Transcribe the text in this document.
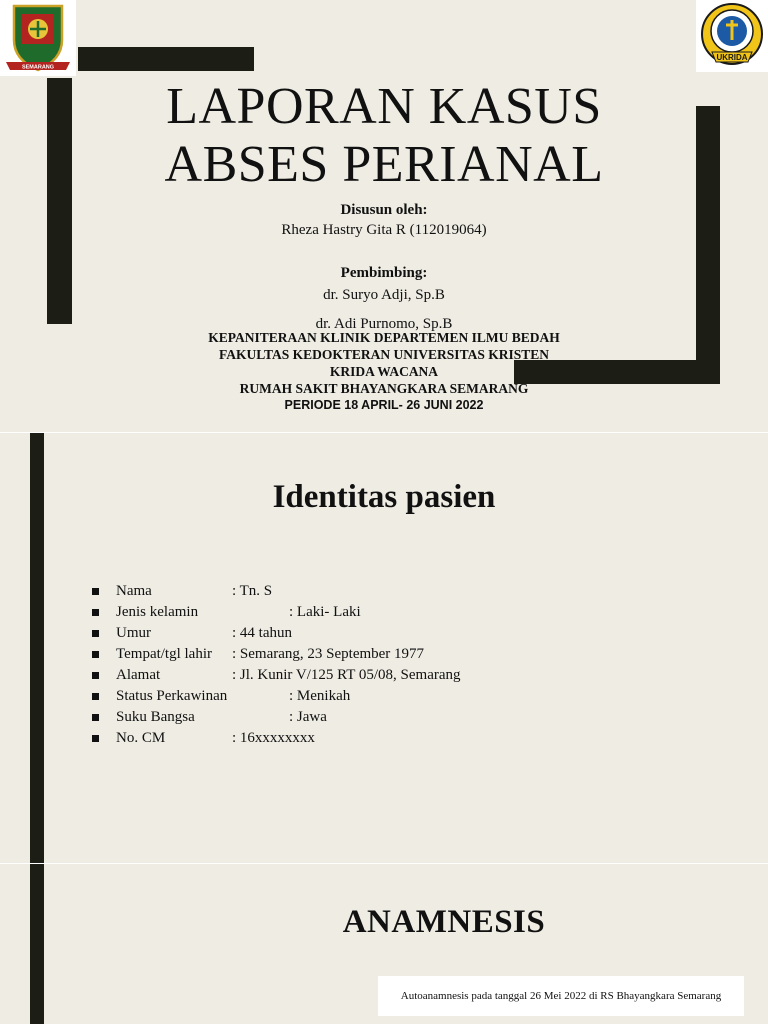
SEMARANG
UKRIDA
LAPORAN KASUS
ABSES PERIANAL
Disusun oleh:
Rheza Hastry Gita R (112019064)
Pembimbing:
dr. Suryo Adji, Sp.B
dr. Adi Purnomo, Sp.B
KEPANITERAAN KLINIK DEPARTEMEN ILMU BEDAH
FAKULTAS KEDOKTERAN UNIVERSITAS KRISTEN
KRIDA WACANA
RUMAH SAKIT BHAYANGKARA SEMARANG
PERIODE 18 APRIL- 26 JUNI 2022
Identitas pasien
Nama	: Tn. S
Jenis kelamin	: Laki- Laki
Umur	: 44 tahun
Tempat/tgl lahir : Semarang, 23 September 1977
Alamat	: Jl. Kunir V/125 RT 05/08, Semarang
Status Perkawinan	: Menikah
Suku Bangsa	: Jawa
No. CM	: 16xxxxxxxx
ANAMNESIS
Autoanamnesis pada tanggal 26 Mei 2022 di RS Bhayangkara Semarang
